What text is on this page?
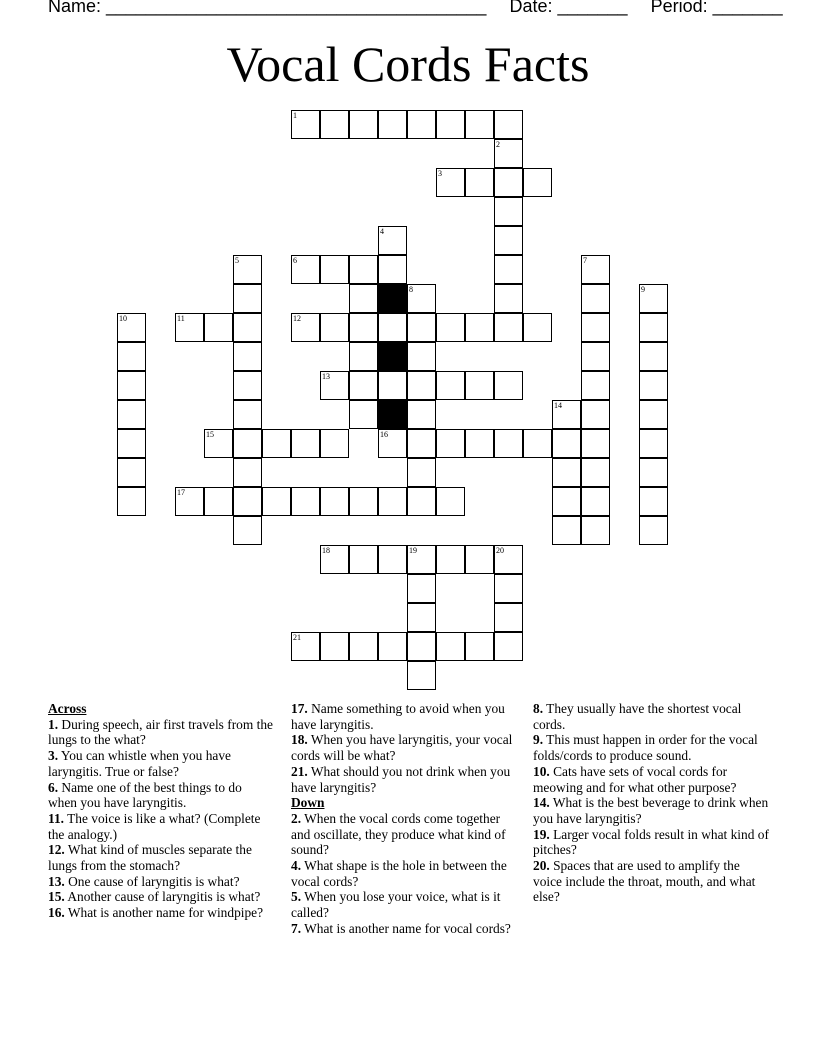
Name: ______________________________________ Date: _______ Period: _______
Vocal Cords Facts
1
2
3
4
5	6	7
8	9
10	11	12
13
14
15	16
17
18	19	20
21
Across
1. During speech, air first travels from the lungs to the what?
3. You can whistle when you have laryngitis. True or false?
6. Name one of the best things to do when you have laryngitis.
11. The voice is like a what? (Complete the analogy.)
12. What kind of muscles separate the lungs from the stomach?
13. One cause of laryngitis is what?
15. Another cause of laryngitis is what?
16. What is another name for windpipe?
17. Name something to avoid when you have laryngitis.
18. When you have laryngitis, your vocal cords will be what?
21. What should you not drink when you have laryngitis?
Down
2. When the vocal cords come together and oscillate, they produce what kind of sound?
4. What shape is the hole in between the vocal cords?
5. When you lose your voice, what is it called?
7. What is another name for vocal cords?
8. They usually have the shortest vocal cords.
9. This must happen in order for the vocal folds/cords to produce sound.
10. Cats have sets of vocal cords for meowing and for what other purpose?
14. What is the best beverage to drink when you have laryngitis?
19. Larger vocal folds result in what kind of pitches?
20. Spaces that are used to amplify the voice include the throat, mouth, and what else?
